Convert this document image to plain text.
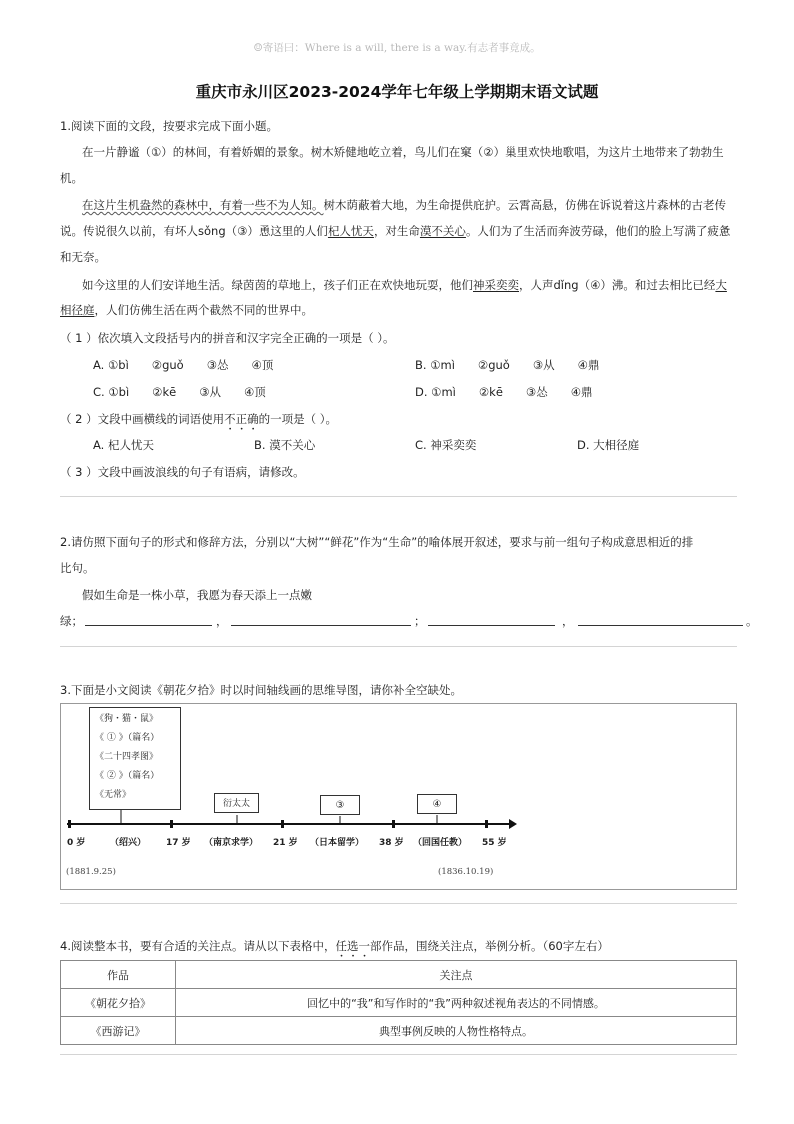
☺寄语曰：Where is a will, there is a way.有志者事竟成。
重庆市永川区2023-2024学年七年级上学期期末语文试题
1.阅读下面的文段，按要求完成下面小题。
在一片静谧（①）的林间，有着娇媚的景象。树木矫健地屹立着，鸟儿们在窠（②）巢里欢快地歌唱，为这片土地带来了勃勃生
机。
在这片生机盎然的森林中，有着一些不为人知。树木荫蔽着大地，为生命提供庇护。云霄高悬，仿佛在诉说着这片森林的古老传
说。传说很久以前，有坏人sǒng（③）恿这里的人们杞人忧天，对生命漠不关心。人们为了生活而奔波劳碌，他们的脸上写满了疲惫
和无奈。
如今这里的人们安详地生活。绿茵茵的草地上，孩子们正在欢快地玩耍，他们神采奕奕，人声dǐng（④）沸。和过去相比已经大
相径庭，人们仿佛生活在两个截然不同的世界中。
（ 1 ）依次填入文段括号内的拼音和汉字完全正确的一项是（ ）。
A. ①bì　　②guǒ　　③怂　　④顶	B. ①mì　　②guǒ　　③从　　④鼎
C. ①bì　　②kē　　③从　　④顶	D. ①mì　　②kē　　③怂　　④鼎
（ 2 ）文段中画横线的词语使用不正确的一项是（ ）。
A. 杞人忧天	B. 漠不关心	C. 神采奕奕	D. 大相径庭
（ 3 ）文段中画波浪线的句子有语病，请修改。
2.请仿照下面句子的形式和修辞方法，分别以“大树”“鲜花”作为“生命”的喻体展开叙述，要求与前一组句子构成意思相近的排
比句。
假如生命是一株小草，我愿为春天添上一点嫩
绿；	，	；	，	。
3.下面是小文阅读《朝花夕拾》时以时间轴线画的思维导图，请你补全空缺处。
《狗・猫・鼠》
《 ① 》（篇名）
《二十四孝图》
《 ② 》（篇名）
《无常》
衍太太	③	④
0 岁	（绍兴） 17 岁 （南京求学） 21 岁 （日本留学） 38 岁 （回国任教） 55 岁
(1881.9.25)	(1836.10.19)
4.阅读整本书，要有合适的关注点。请从以下表格中，任选一部作品，围绕关注点，举例分析。（60字左右）
作品	关注点
《朝花夕拾》	回忆中的“我”和写作时的“我”两种叙述视角表达的不同情感。
《西游记》	典型事例反映的人物性格特点。
